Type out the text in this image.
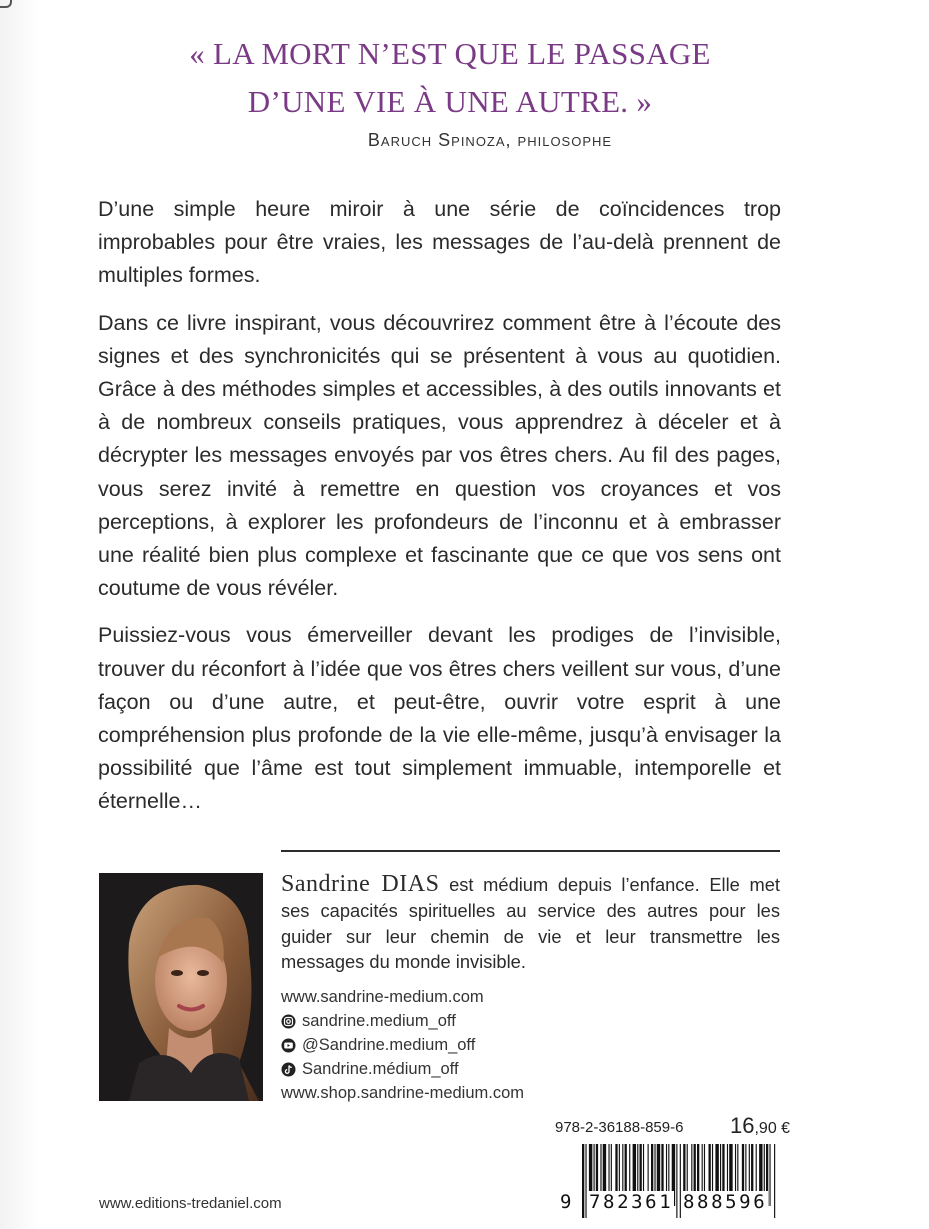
« LA MORT N’EST QUE LE PASSAGE
D’UNE VIE À UNE AUTRE. »
Baruch Spinoza, philosophe

D’une simple heure miroir à une série de coïncidences trop improbables pour être vraies, les messages de l’au-delà prennent de multiples formes.

Dans ce livre inspirant, vous découvrirez comment être à l’écoute des signes et des synchronicités qui se présentent à vous au quotidien. Grâce à des méthodes simples et accessibles, à des outils innovants et à de nombreux conseils pratiques, vous apprendrez à déceler et à décrypter les messages envoyés par vos êtres chers. Au fil des pages, vous serez invité à remettre en question vos croyances et vos perceptions, à explorer les profondeurs de l’inconnu et à embrasser une réalité bien plus complexe et fascinante que ce que vos sens ont coutume de vous révéler.

Puissiez-vous vous émerveiller devant les prodiges de l’invisible, trouver du réconfort à l’idée que vos êtres chers veillent sur vous, d’une façon ou d’une autre, et peut-être, ouvrir votre esprit à une compréhension plus profonde de la vie elle-même, jusqu’à envisager la possibilité que l’âme est tout simplement immuable, intemporelle et éternelle…

Sandrine DIAS est médium depuis l’enfance. Elle met ses capacités spirituelles au service des autres pour les guider sur leur chemin de vie et leur transmettre les messages du monde invisible.
www.sandrine-medium.com
sandrine.medium_off
@Sandrine.medium_off
Sandrine.médium_off
www.shop.sandrine-medium.com
978-2-36188-859-6 16,90 €
9 782361 888596
www.editions-tredaniel.com
